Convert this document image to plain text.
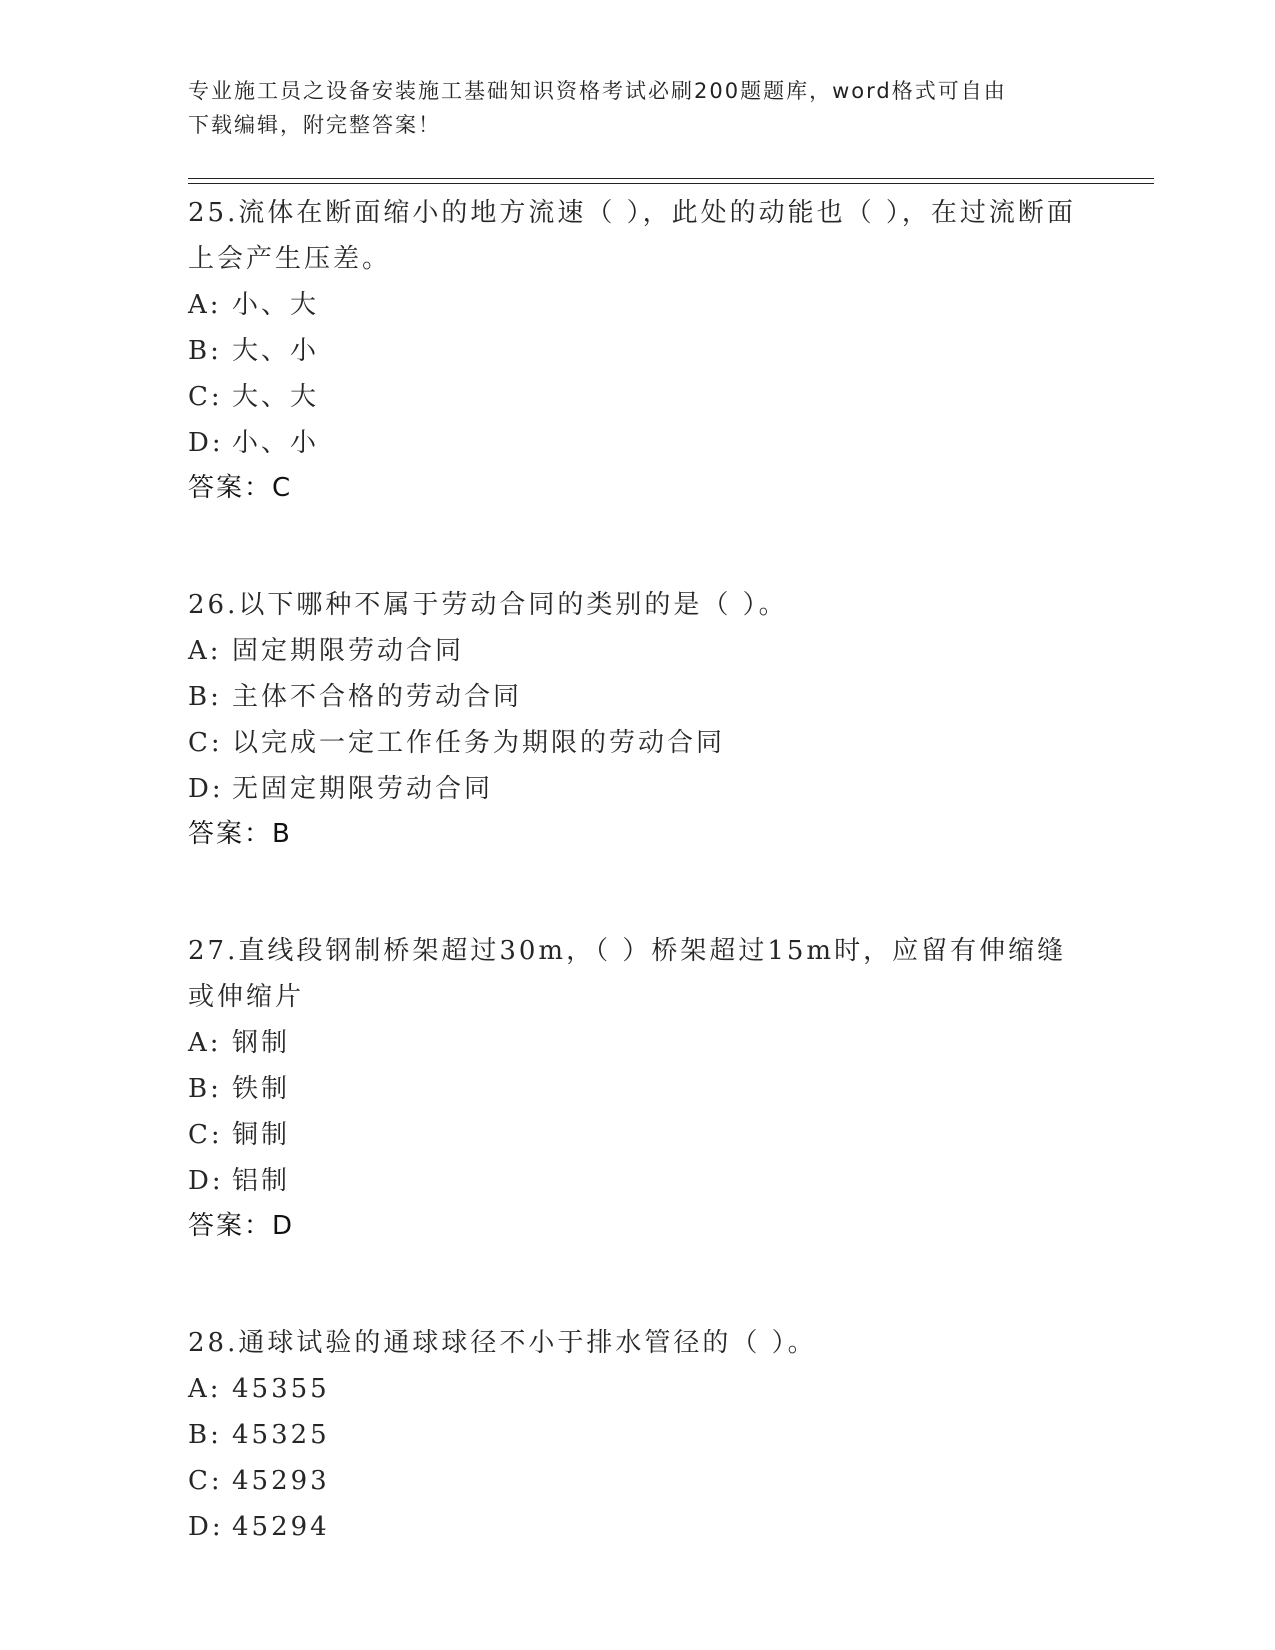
专业施工员之设备安装施工基础知识资格考试必刷200题题库，word格式可自由
下载编辑，附完整答案！

25.流体在断面缩小的地方流速（ ），此处的动能也（ ），在过流断面上会产生压差。

A: 小、大
B: 大、小
C: 大、大
D: 小、小
答案：C

26.以下哪种不属于劳动合同的类别的是（ ）。

A: 固定期限劳动合同
B: 主体不合格的劳动合同
C: 以完成一定工作任务为期限的劳动合同
D: 无固定期限劳动合同
答案：B

27.直线段钢制桥架超过30m，（ ）桥架超过15m时，应留有伸缩缝或伸缩片

A: 钢制
B: 铁制
C: 铜制
D: 铝制
答案：D

28.通球试验的通球球径不小于排水管径的（ ）。

A: 45355
B: 45325
C: 45293
D: 45294
